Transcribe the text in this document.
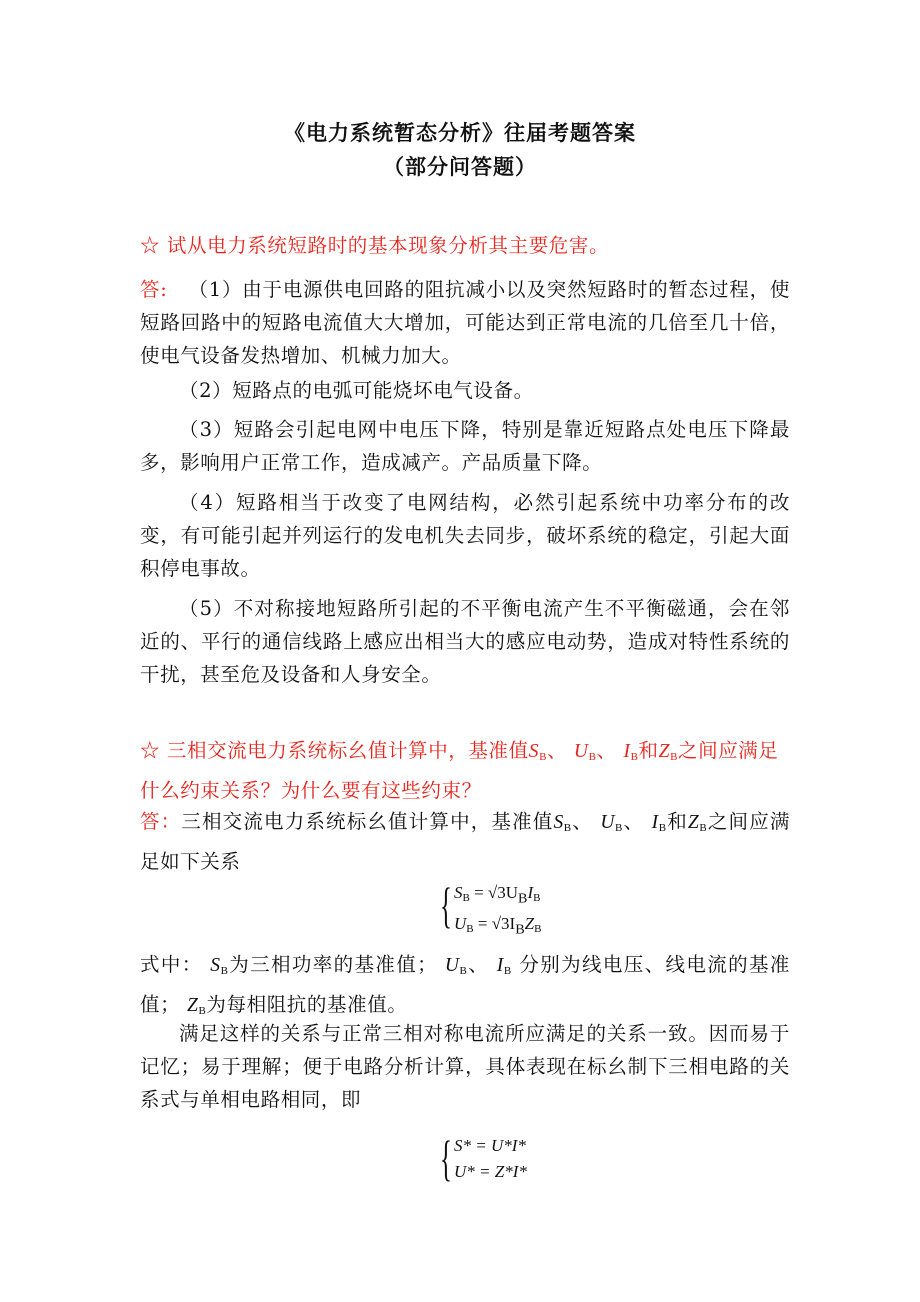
《电力系统暂态分析》往届考题答案
（部分问答题）
☆ 试从电力系统短路时的基本现象分析其主要危害。
答: （1）由于电源供电回路的阻抗减小以及突然短路时的暂态过程，使短路回路中的短路电流值大大增加，可能达到正常电流的几倍至几十倍，使电气设备发热增加、机械力加大。
（2）短路点的电弧可能烧坏电气设备。
（3）短路会引起电网中电压下降，特别是靠近短路点处电压下降最多，影响用户正常工作，造成减产。产品质量下降。
（4）短路相当于改变了电网结构，必然引起系统中功率分布的改变，有可能引起并列运行的发电机失去同步，破坏系统的稳定，引起大面积停电事故。
（5）不对称接地短路所引起的不平衡电流产生不平衡磁通，会在邻近的、平行的通信线路上感应出相当大的感应电动势，造成对特性系统的干扰，甚至危及设备和人身安全。
☆ 三相交流电力系统标幺值计算中，基准值$S_B$、 $U_B$、 $I_B$和$Z_B$之间应满足什么约束关系？为什么要有这些约束？
答：三相交流电力系统标幺值计算中，基准值$S_B$、 $U_B$、 $I_B$和$Z_B$之间应满足如下关系
{ $S_B = √3U_BI_B$
$U_B = √3I_BZ_B$
式中： $S_B$为三相功率的基准值； $U_B$、 $I_B$ 分别为线电压、线电流的基准值； $Z_B$为每相阻抗的基准值。
满足这样的关系与正常三相对称电流所应满足的关系一致。因而易于记忆；易于理解；便于电路分析计算，具体表现在标幺制下三相电路的关系式与单相电路相同，即
{ S* = U*I*
U* = Z*I*
